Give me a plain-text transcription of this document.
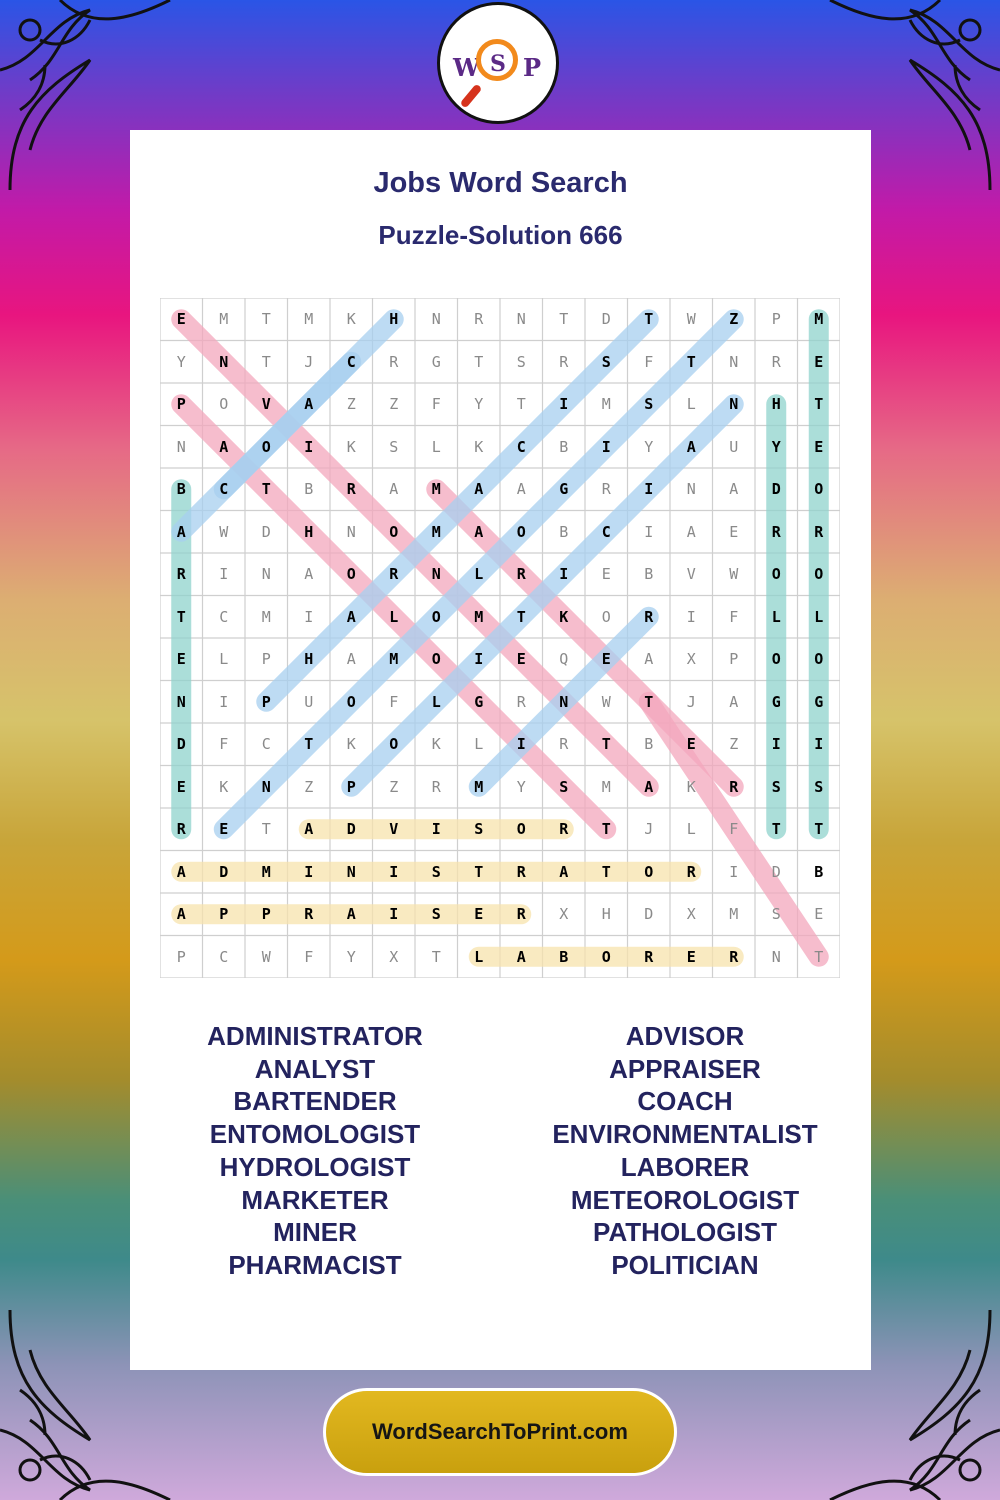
W S P
Jobs Word Search
Puzzle-Solution 666
E	M	T	M	K	H	N	R	N	T	D	T	W	Z	P	M
Y	N	T	J	C	R	G	T	S	R	S	F	T	N	R	E
P	O	V	A	Z	Z	F	Y	T	I	M	S	L	N	H	T
N	A	O	I	K	S	L	K	C	B	I	Y	A	U	Y	E
B	C	T	B	R	A	M	A	A	G	R	I	N	A	D	O
A	W	D	H	N	O	M	A	O	B	C	I	A	E	R	R
R	I	N	A	O	R	N	L	R	I	E	B	V	W	O	O
T	C	M	I	A	L	O	M	T	K	O	R	I	F	L	L
E	L	P	H	A	M	O	I	E	Q	E	A	X	P	O	O
N	I	P	U	O	F	L	G	R	N	W	T	J	A	G	G
D	F	C	T	K	O	K	L	I	R	T	B	E	Z	I	I
E	K	N	Z	P	Z	R	M	Y	S	M	A	K	R	S	S
R	E	T	A	D	V	I	S	O	R	T	J	L	F	T	T
A	D	M	I	N	I	S	T	R	A	T	O	R	I	D	B
A	P	P	R	A	I	S	E	R	X	H	D	X	M	S	E
P	C	W	F	Y	X	T	L	A	B	O	R	E	R	N	T
ADMINISTRATOR
ANALYST
BARTENDER
ENTOMOLOGIST
HYDROLOGIST
MARKETER
MINER
PHARMACIST
ADVISOR
APPRAISER
COACH
ENVIRONMENTALIST
LABORER
METEOROLOGIST
PATHOLOGIST
POLITICIAN
WordSearchToPrint.com
